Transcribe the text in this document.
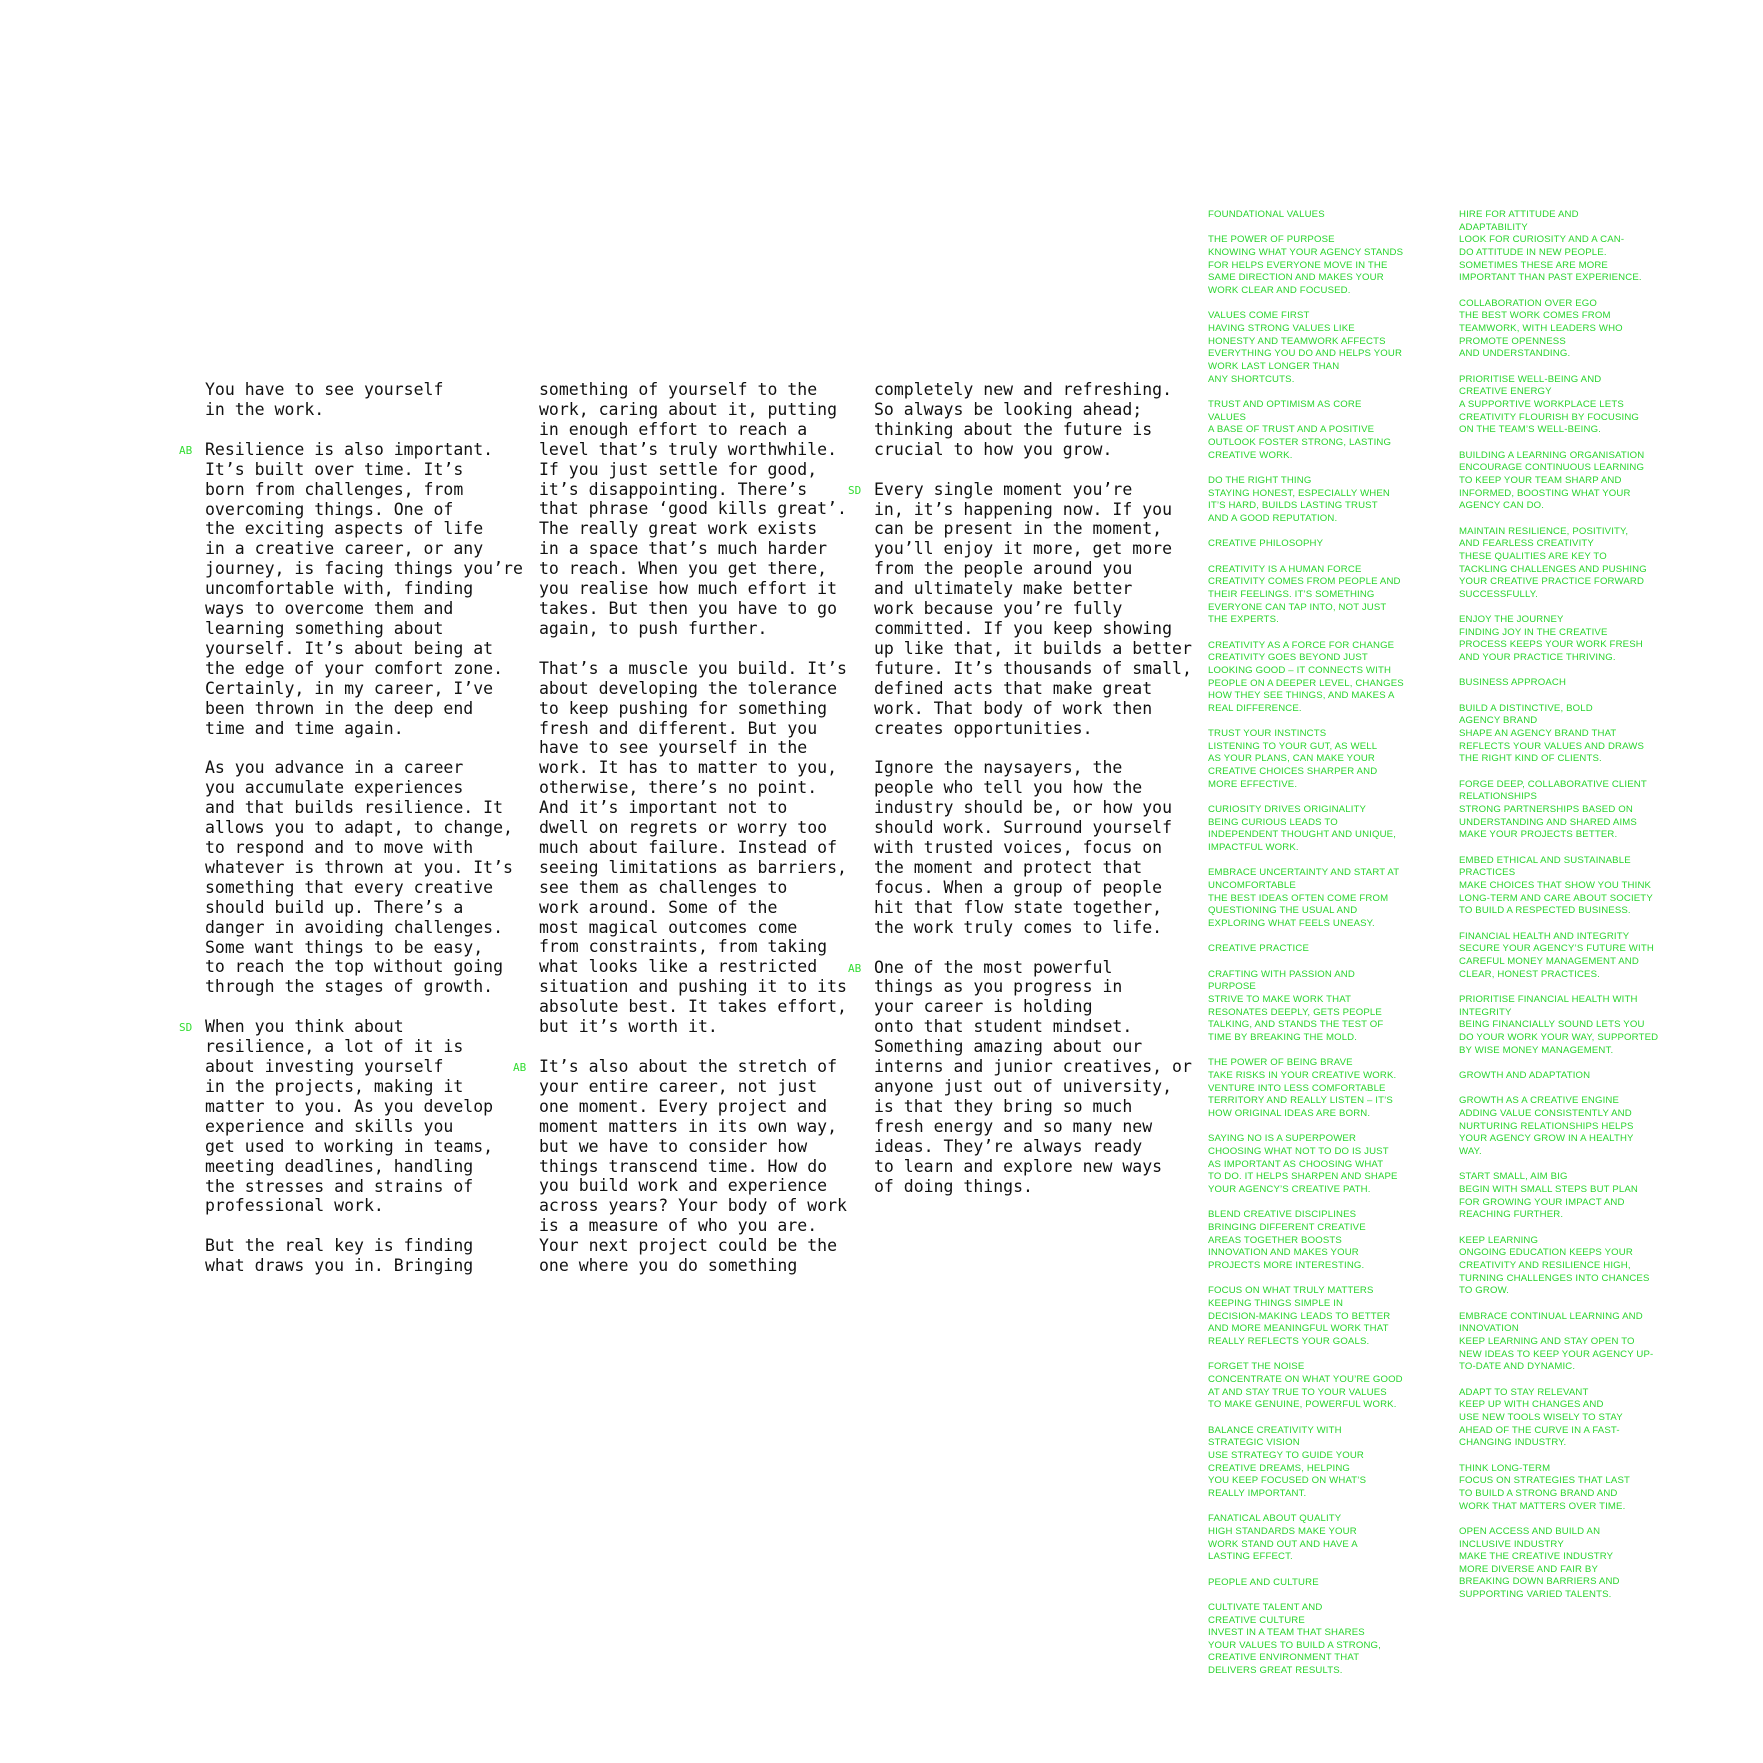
You have to see yourself
in the work.

AB Resilience is also important.
It’s built over time. It’s
born from challenges, from
overcoming things. One of
the exciting aspects of life
in a creative career, or any
journey, is facing things you’re
uncomfortable with, finding
ways to overcome them and
learning something about
yourself. It’s about being at
the edge of your comfort zone.
Certainly, in my career, I’ve
been thrown in the deep end
time and time again.

As you advance in a career
you accumulate experiences
and that builds resilience. It
allows you to adapt, to change,
to respond and to move with
whatever is thrown at you. It’s
something that every creative
should build up. There’s a
danger in avoiding challenges.
Some want things to be easy,
to reach the top without going
through the stages of growth.

SD When you think about
resilience, a lot of it is
about investing yourself
in the projects, making it
matter to you. As you develop
experience and skills you
get used to working in teams,
meeting deadlines, handling
the stresses and strains of
professional work.

But the real key is finding
what draws you in. Bringing

something of yourself to the
work, caring about it, putting
in enough effort to reach a
level that’s truly worthwhile.
If you just settle for good,
it’s disappointing. There’s
that phrase ‘good kills great’.
The really great work exists
in a space that’s much harder
to reach. When you get there,
you realise how much effort it
takes. But then you have to go
again, to push further.

That’s a muscle you build. It’s
about developing the tolerance
to keep pushing for something
fresh and different. But you
have to see yourself in the
work. It has to matter to you,
otherwise, there’s no point.
And it’s important not to
dwell on regrets or worry too
much about failure. Instead of
seeing limitations as barriers,
see them as challenges to
work around. Some of the
most magical outcomes come
from constraints, from taking
what looks like a restricted
situation and pushing it to its
absolute best. It takes effort,
but it’s worth it.

AB It’s also about the stretch of
your entire career, not just
one moment. Every project and
moment matters in its own way,
but we have to consider how
things transcend time. How do
you build work and experience
across years? Your body of work
is a measure of who you are.
Your next project could be the
one where you do something

completely new and refreshing.
So always be looking ahead;
thinking about the future is
crucial to how you grow.

SD Every single moment you’re
in, it’s happening now. If you
can be present in the moment,
you’ll enjoy it more, get more
from the people around you
and ultimately make better
work because you’re fully
committed. If you keep showing
up like that, it builds a better
future. It’s thousands of small,
defined acts that make great
work. That body of work then
creates opportunities.

Ignore the naysayers, the
people who tell you how the
industry should be, or how you
should work. Surround yourself
with trusted voices, focus on
the moment and protect that
focus. When a group of people
hit that flow state together,
the work truly comes to life.

AB One of the most powerful
things as you progress in
your career is holding
onto that student mindset.
Something amazing about our
interns and junior creatives, or
anyone just out of university,
is that they bring so much
fresh energy and so many new
ideas. They’re always ready
to learn and explore new ways
of doing things.

FOUNDATIONAL VALUES
THE POWER OF PURPOSE
KNOWING WHAT YOUR AGENCY STANDS
FOR HELPS EVERYONE MOVE IN THE
SAME DIRECTION AND MAKES YOUR
WORK CLEAR AND FOCUSED.
VALUES COME FIRST
HAVING STRONG VALUES LIKE
HONESTY AND TEAMWORK AFFECTS
EVERYTHING YOU DO AND HELPS YOUR
WORK LAST LONGER THAN
ANY SHORTCUTS.
TRUST AND OPTIMISM AS CORE
VALUES
A BASE OF TRUST AND A POSITIVE
OUTLOOK FOSTER STRONG, LASTING
CREATIVE WORK.
DO THE RIGHT THING
STAYING HONEST, ESPECIALLY WHEN
IT’S HARD, BUILDS LASTING TRUST
AND A GOOD REPUTATION.
CREATIVE PHILOSOPHY
CREATIVITY IS A HUMAN FORCE
CREATIVITY COMES FROM PEOPLE AND
THEIR FEELINGS. IT’S SOMETHING
EVERYONE CAN TAP INTO, NOT JUST
THE EXPERTS.
CREATIVITY AS A FORCE FOR CHANGE
CREATIVITY GOES BEYOND JUST
LOOKING GOOD – IT CONNECTS WITH
PEOPLE ON A DEEPER LEVEL, CHANGES
HOW THEY SEE THINGS, AND MAKES A
REAL DIFFERENCE.
TRUST YOUR INSTINCTS
LISTENING TO YOUR GUT, AS WELL
AS YOUR PLANS, CAN MAKE YOUR
CREATIVE CHOICES SHARPER AND
MORE EFFECTIVE.
CURIOSITY DRIVES ORIGINALITY
BEING CURIOUS LEADS TO
INDEPENDENT THOUGHT AND UNIQUE,
IMPACTFUL WORK.
EMBRACE UNCERTAINTY AND START AT
UNCOMFORTABLE
THE BEST IDEAS OFTEN COME FROM
QUESTIONING THE USUAL AND
EXPLORING WHAT FEELS UNEASY.
CREATIVE PRACTICE
CRAFTING WITH PASSION AND
PURPOSE
STRIVE TO MAKE WORK THAT
RESONATES DEEPLY, GETS PEOPLE
TALKING, AND STANDS THE TEST OF
TIME BY BREAKING THE MOLD.
THE POWER OF BEING BRAVE
TAKE RISKS IN YOUR CREATIVE WORK.
VENTURE INTO LESS COMFORTABLE
TERRITORY AND REALLY LISTEN – IT’S
HOW ORIGINAL IDEAS ARE BORN.
SAYING NO IS A SUPERPOWER
CHOOSING WHAT NOT TO DO IS JUST
AS IMPORTANT AS CHOOSING WHAT
TO DO. IT HELPS SHARPEN AND SHAPE
YOUR AGENCY’S CREATIVE PATH.
BLEND CREATIVE DISCIPLINES
BRINGING DIFFERENT CREATIVE
AREAS TOGETHER BOOSTS
INNOVATION AND MAKES YOUR
PROJECTS MORE INTERESTING.
FOCUS ON WHAT TRULY MATTERS
KEEPING THINGS SIMPLE IN
DECISION-MAKING LEADS TO BETTER
AND MORE MEANINGFUL WORK THAT
REALLY REFLECTS YOUR GOALS.
FORGET THE NOISE
CONCENTRATE ON WHAT YOU’RE GOOD
AT AND STAY TRUE TO YOUR VALUES
TO MAKE GENUINE, POWERFUL WORK.
BALANCE CREATIVITY WITH
STRATEGIC VISION
USE STRATEGY TO GUIDE YOUR
CREATIVE DREAMS, HELPING
YOU KEEP FOCUSED ON WHAT’S
REALLY IMPORTANT.
FANATICAL ABOUT QUALITY
HIGH STANDARDS MAKE YOUR
WORK STAND OUT AND HAVE A
LASTING EFFECT.
PEOPLE AND CULTURE
CULTIVATE TALENT AND
CREATIVE CULTURE
INVEST IN A TEAM THAT SHARES
YOUR VALUES TO BUILD A STRONG,
CREATIVE ENVIRONMENT THAT
DELIVERS GREAT RESULTS.
HIRE FOR ATTITUDE AND
ADAPTABILITY
LOOK FOR CURIOSITY AND A CAN-
DO ATTITUDE IN NEW PEOPLE.
SOMETIMES THESE ARE MORE
IMPORTANT THAN PAST EXPERIENCE.
COLLABORATION OVER EGO
THE BEST WORK COMES FROM
TEAMWORK, WITH LEADERS WHO
PROMOTE OPENNESS
AND UNDERSTANDING.
PRIORITISE WELL-BEING AND
CREATIVE ENERGY
A SUPPORTIVE WORKPLACE LETS
CREATIVITY FLOURISH BY FOCUSING
ON THE TEAM’S WELL-BEING.
BUILDING A LEARNING ORGANISATION
ENCOURAGE CONTINUOUS LEARNING
TO KEEP YOUR TEAM SHARP AND
INFORMED, BOOSTING WHAT YOUR
AGENCY CAN DO.
MAINTAIN RESILIENCE, POSITIVITY,
AND FEARLESS CREATIVITY
THESE QUALITIES ARE KEY TO
TACKLING CHALLENGES AND PUSHING
YOUR CREATIVE PRACTICE FORWARD
SUCCESSFULLY.
ENJOY THE JOURNEY
FINDING JOY IN THE CREATIVE
PROCESS KEEPS YOUR WORK FRESH
AND YOUR PRACTICE THRIVING.
BUSINESS APPROACH
BUILD A DISTINCTIVE, BOLD
AGENCY BRAND
SHAPE AN AGENCY BRAND THAT
REFLECTS YOUR VALUES AND DRAWS
THE RIGHT KIND OF CLIENTS.
FORGE DEEP, COLLABORATIVE CLIENT
RELATIONSHIPS
STRONG PARTNERSHIPS BASED ON
UNDERSTANDING AND SHARED AIMS
MAKE YOUR PROJECTS BETTER.
EMBED ETHICAL AND SUSTAINABLE
PRACTICES
MAKE CHOICES THAT SHOW YOU THINK
LONG-TERM AND CARE ABOUT SOCIETY
TO BUILD A RESPECTED BUSINESS.
FINANCIAL HEALTH AND INTEGRITY
SECURE YOUR AGENCY’S FUTURE WITH
CAREFUL MONEY MANAGEMENT AND
CLEAR, HONEST PRACTICES.
PRIORITISE FINANCIAL HEALTH WITH
INTEGRITY
BEING FINANCIALLY SOUND LETS YOU
DO YOUR WORK YOUR WAY, SUPPORTED
BY WISE MONEY MANAGEMENT.
GROWTH AND ADAPTATION
GROWTH AS A CREATIVE ENGINE
ADDING VALUE CONSISTENTLY AND
NURTURING RELATIONSHIPS HELPS
YOUR AGENCY GROW IN A HEALTHY
WAY.
START SMALL, AIM BIG
BEGIN WITH SMALL STEPS BUT PLAN
FOR GROWING YOUR IMPACT AND
REACHING FURTHER.
KEEP LEARNING
ONGOING EDUCATION KEEPS YOUR
CREATIVITY AND RESILIENCE HIGH,
TURNING CHALLENGES INTO CHANCES
TO GROW.
EMBRACE CONTINUAL LEARNING AND
INNOVATION
KEEP LEARNING AND STAY OPEN TO
NEW IDEAS TO KEEP YOUR AGENCY UP-
TO-DATE AND DYNAMIC.
ADAPT TO STAY RELEVANT
KEEP UP WITH CHANGES AND
USE NEW TOOLS WISELY TO STAY
AHEAD OF THE CURVE IN A FAST-
CHANGING INDUSTRY.
THINK LONG-TERM
FOCUS ON STRATEGIES THAT LAST
TO BUILD A STRONG BRAND AND
WORK THAT MATTERS OVER TIME.
OPEN ACCESS AND BUILD AN
INCLUSIVE INDUSTRY
MAKE THE CREATIVE INDUSTRY
MORE DIVERSE AND FAIR BY
BREAKING DOWN BARRIERS AND
SUPPORTING VARIED TALENTS.
